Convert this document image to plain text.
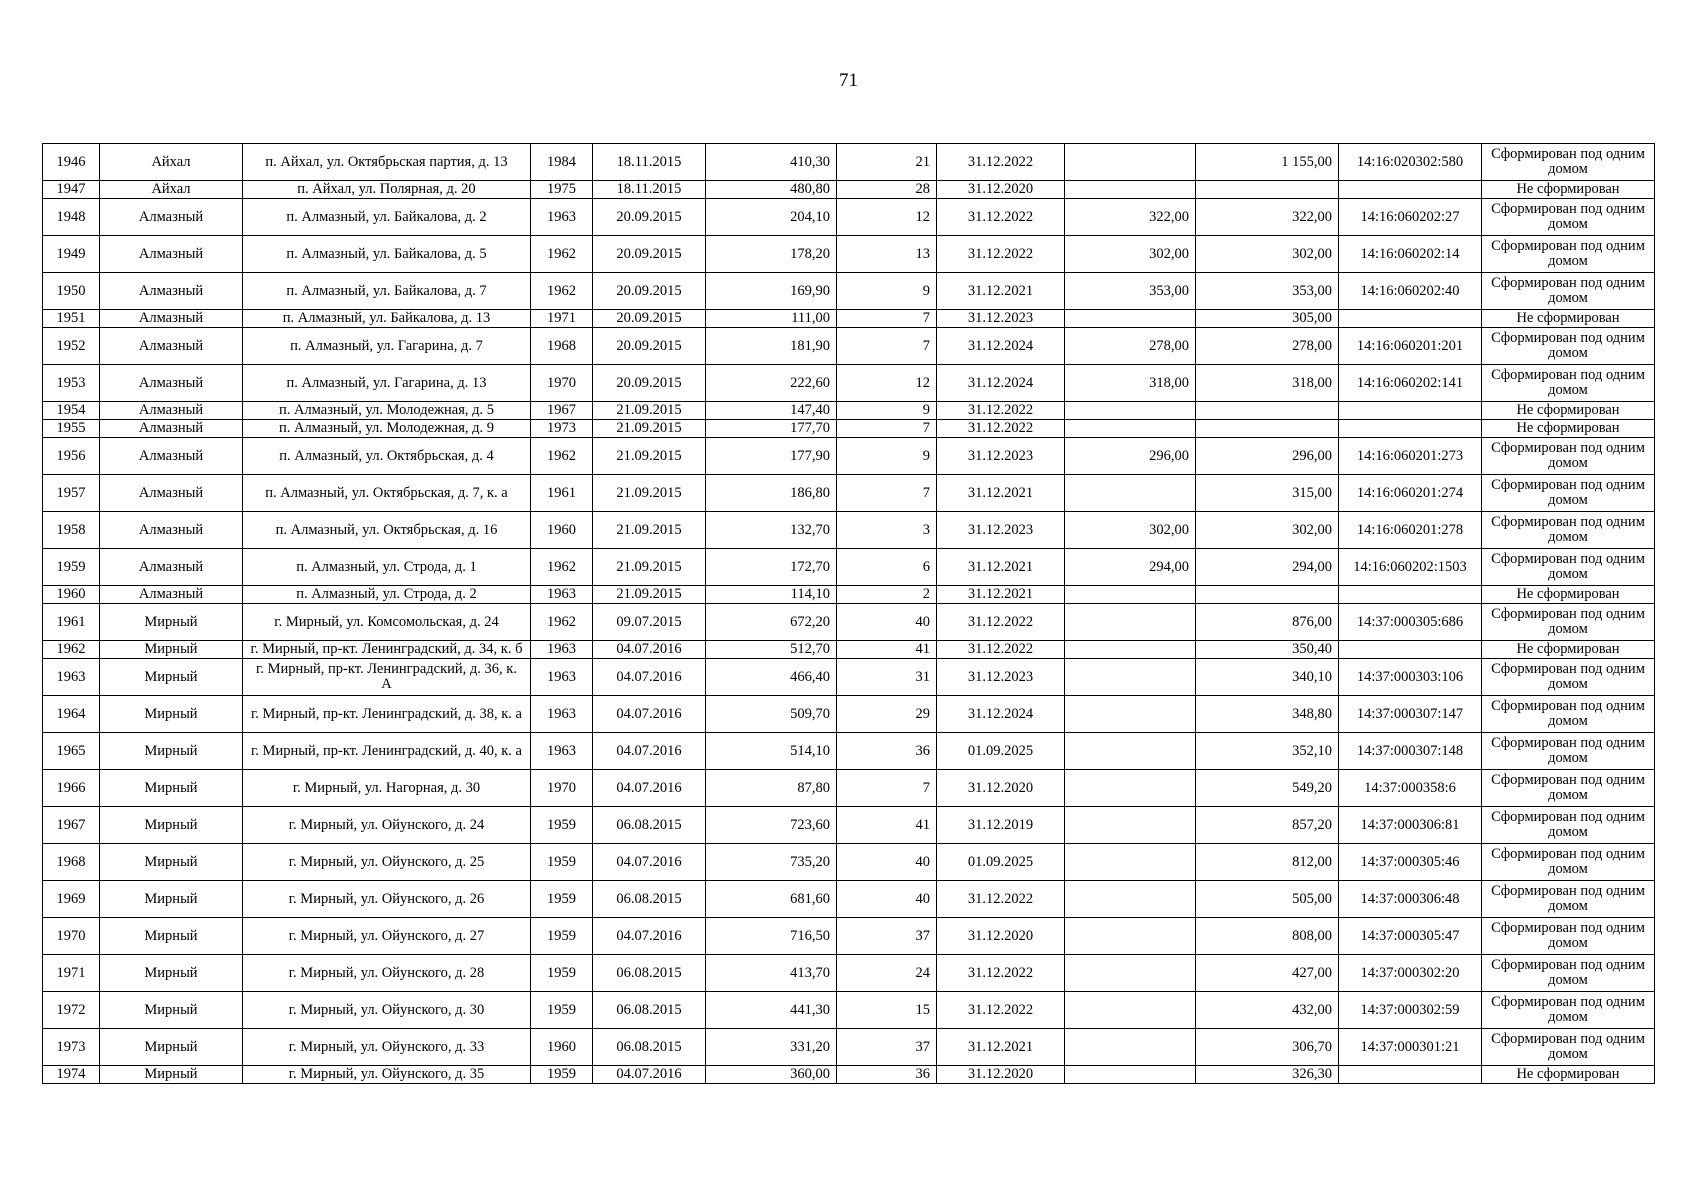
71
1946	Айхал	п. Айхал, ул. Октябрьская партия, д. 13	1984	18.11.2015	410,30	21	31.12.2022		1 155,00	14:16:020302:580	Сформирован под одним домом
1947	Айхал	п. Айхал, ул. Полярная, д. 20	1975	18.11.2015	480,80	28	31.12.2020				Не сформирован
1948	Алмазный	п. Алмазный, ул. Байкалова, д. 2	1963	20.09.2015	204,10	12	31.12.2022	322,00	322,00	14:16:060202:27	Сформирован под одним домом
1949	Алмазный	п. Алмазный, ул. Байкалова, д. 5	1962	20.09.2015	178,20	13	31.12.2022	302,00	302,00	14:16:060202:14	Сформирован под одним домом
1950	Алмазный	п. Алмазный, ул. Байкалова, д. 7	1962	20.09.2015	169,90	9	31.12.2021	353,00	353,00	14:16:060202:40	Сформирован под одним домом
1951	Алмазный	п. Алмазный, ул. Байкалова, д. 13	1971	20.09.2015	111,00	7	31.12.2023		305,00		Не сформирован
1952	Алмазный	п. Алмазный, ул. Гагарина, д. 7	1968	20.09.2015	181,90	7	31.12.2024	278,00	278,00	14:16:060201:201	Сформирован под одним домом
1953	Алмазный	п. Алмазный, ул. Гагарина, д. 13	1970	20.09.2015	222,60	12	31.12.2024	318,00	318,00	14:16:060202:141	Сформирован под одним домом
1954	Алмазный	п. Алмазный, ул. Молодежная, д. 5	1967	21.09.2015	147,40	9	31.12.2022				Не сформирован
1955	Алмазный	п. Алмазный, ул. Молодежная, д. 9	1973	21.09.2015	177,70	7	31.12.2022				Не сформирован
1956	Алмазный	п. Алмазный, ул. Октябрьская, д. 4	1962	21.09.2015	177,90	9	31.12.2023	296,00	296,00	14:16:060201:273	Сформирован под одним домом
1957	Алмазный	п. Алмазный, ул. Октябрьская, д. 7, к. а	1961	21.09.2015	186,80	7	31.12.2021		315,00	14:16:060201:274	Сформирован под одним домом
1958	Алмазный	п. Алмазный, ул. Октябрьская, д. 16	1960	21.09.2015	132,70	3	31.12.2023	302,00	302,00	14:16:060201:278	Сформирован под одним домом
1959	Алмазный	п. Алмазный, ул. Строда, д. 1	1962	21.09.2015	172,70	6	31.12.2021	294,00	294,00	14:16:060202:1503	Сформирован под одним домом
1960	Алмазный	п. Алмазный, ул. Строда, д. 2	1963	21.09.2015	114,10	2	31.12.2021				Не сформирован
1961	Мирный	г. Мирный, ул. Комсомольская, д. 24	1962	09.07.2015	672,20	40	31.12.2022		876,00	14:37:000305:686	Сформирован под одним домом
1962	Мирный	г. Мирный, пр-кт. Ленинградский, д. 34, к. б	1963	04.07.2016	512,70	41	31.12.2022		350,40		Не сформирован
1963	Мирный	г. Мирный, пр-кт. Ленинградский, д. 36, к. А	1963	04.07.2016	466,40	31	31.12.2023		340,10	14:37:000303:106	Сформирован под одним домом
1964	Мирный	г. Мирный, пр-кт. Ленинградский, д. 38, к. а	1963	04.07.2016	509,70	29	31.12.2024		348,80	14:37:000307:147	Сформирован под одним домом
1965	Мирный	г. Мирный, пр-кт. Ленинградский, д. 40, к. а	1963	04.07.2016	514,10	36	01.09.2025		352,10	14:37:000307:148	Сформирован под одним домом
1966	Мирный	г. Мирный, ул. Нагорная, д. 30	1970	04.07.2016	87,80	7	31.12.2020		549,20	14:37:000358:6	Сформирован под одним домом
1967	Мирный	г. Мирный, ул. Ойунского, д. 24	1959	06.08.2015	723,60	41	31.12.2019		857,20	14:37:000306:81	Сформирован под одним домом
1968	Мирный	г. Мирный, ул. Ойунского, д. 25	1959	04.07.2016	735,20	40	01.09.2025		812,00	14:37:000305:46	Сформирован под одним домом
1969	Мирный	г. Мирный, ул. Ойунского, д. 26	1959	06.08.2015	681,60	40	31.12.2022		505,00	14:37:000306:48	Сформирован под одним домом
1970	Мирный	г. Мирный, ул. Ойунского, д. 27	1959	04.07.2016	716,50	37	31.12.2020		808,00	14:37:000305:47	Сформирован под одним домом
1971	Мирный	г. Мирный, ул. Ойунского, д. 28	1959	06.08.2015	413,70	24	31.12.2022		427,00	14:37:000302:20	Сформирован под одним домом
1972	Мирный	г. Мирный, ул. Ойунского, д. 30	1959	06.08.2015	441,30	15	31.12.2022		432,00	14:37:000302:59	Сформирован под одним домом
1973	Мирный	г. Мирный, ул. Ойунского, д. 33	1960	06.08.2015	331,20	37	31.12.2021		306,70	14:37:000301:21	Сформирован под одним домом
1974	Мирный	г. Мирный, ул. Ойунского, д. 35	1959	04.07.2016	360,00	36	31.12.2020		326,30		Не сформирован
